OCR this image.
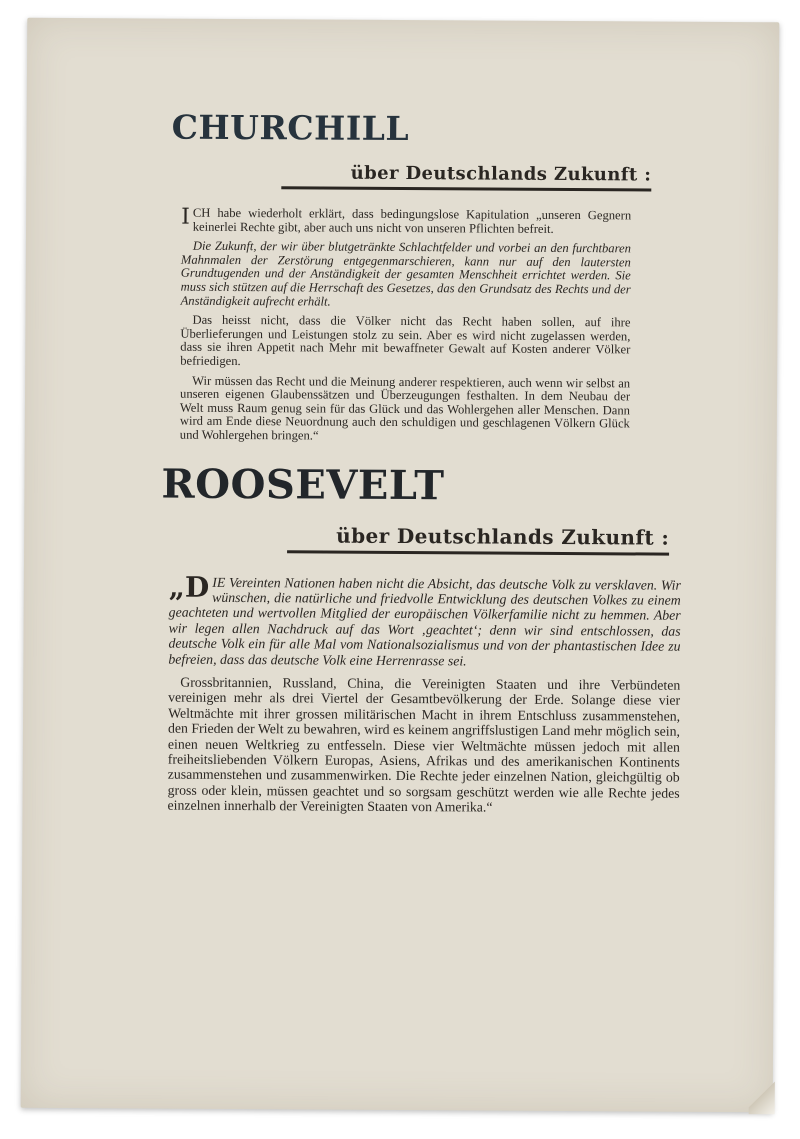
CHURCHILL
über Deutschlands Zukunft :

ICH habe wiederholt erklärt, dass bedingungslose Kapitulation „unseren Gegnern keinerlei Rechte gibt, aber auch uns nicht von unseren Pflichten befreit.

Die Zukunft, der wir über blutgetränkte Schlachtfelder und vorbei an den furchtbaren Mahnmalen der Zerstörung entgegenmarschieren, kann nur auf den lautersten Grundtugenden und der Anständigkeit der gesamten Menschheit errichtet werden. Sie muss sich stützen auf die Herrschaft des Gesetzes, das den Grundsatz des Rechts und der Anständigkeit aufrecht erhält.

Das heisst nicht, dass die Völker nicht das Recht haben sollen, auf ihre Überlieferungen und Leistungen stolz zu sein. Aber es wird nicht zugelassen werden, dass sie ihren Appetit nach Mehr mit bewaffneter Gewalt auf Kosten anderer Völker befriedigen.

Wir müssen das Recht und die Meinung anderer respektieren, auch wenn wir selbst an unseren eigenen Glaubenssätzen und Überzeugungen festhalten. In dem Neubau der Welt muss Raum genug sein für das Glück und das Wohlergehen aller Menschen. Dann wird am Ende diese Neuordnung auch den schuldigen und geschlagenen Völkern Glück und Wohlergehen bringen.“

ROOSEVELT
über Deutschlands Zukunft :

„DIE Vereinten Nationen haben nicht die Absicht, das deutsche Volk zu versklaven. Wir wünschen, die natürliche und friedvolle Entwicklung des deutschen Volkes zu einem geachteten und wertvollen Mitglied der europäischen Völkerfamilie nicht zu hemmen. Aber wir legen allen Nachdruck auf das Wort ‚geachtet‘; denn wir sind entschlossen, das deutsche Volk ein für alle Mal vom Nationalsozialismus und von der phantastischen Idee zu befreien, dass das deutsche Volk eine Herrenrasse sei.

Grossbritannien, Russland, China, die Vereinigten Staaten und ihre Verbündeten vereinigen mehr als drei Viertel der Gesamtbevölkerung der Erde. Solange diese vier Weltmächte mit ihrer grossen militärischen Macht in ihrem Entschluss zusammenstehen, den Frieden der Welt zu bewahren, wird es keinem angriffslustigen Land mehr möglich sein, einen neuen Weltkrieg zu entfesseln. Diese vier Weltmächte müssen jedoch mit allen freiheitsliebenden Völkern Europas, Asiens, Afrikas und des amerikanischen Kontinents zusammenstehen und zusammenwirken. Die Rechte jeder einzelnen Nation, gleichgültig ob gross oder klein, müssen geachtet und so sorgsam geschützt werden wie alle Rechte jedes einzelnen innerhalb der Vereinigten Staaten von Amerika.“
